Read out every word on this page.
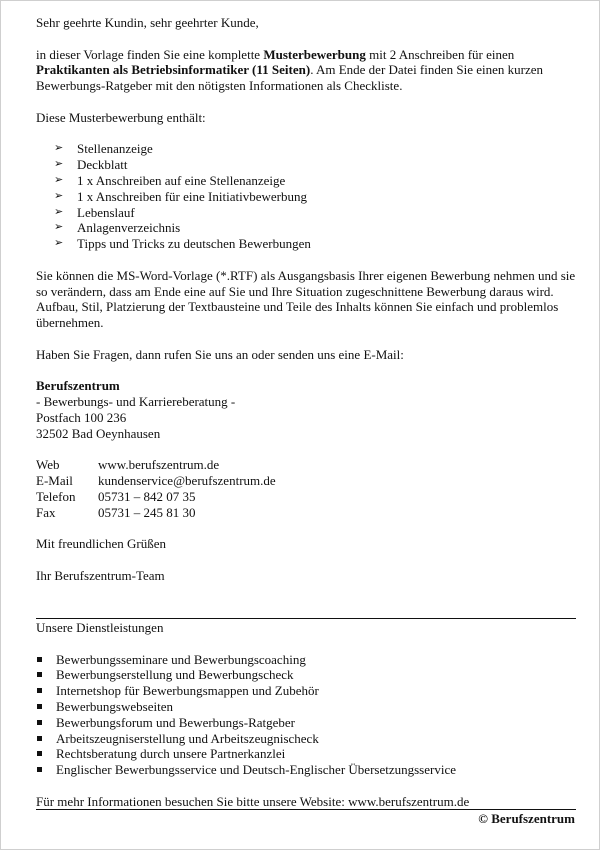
Sehr geehrte Kundin, sehr geehrter Kunde,

in dieser Vorlage finden Sie eine komplette Musterbewerbung mit 2 Anschreiben für einen Praktikanten als Betriebsinformatiker (11 Seiten). Am Ende der Datei finden Sie einen kurzen Bewerbungs-Ratgeber mit den nötigsten Informationen als Checkliste.

Diese Musterbewerbung enthält:

➢ Stellenanzeige
➢ Deckblatt
➢ 1 x Anschreiben auf eine Stellenanzeige
➢ 1 x Anschreiben für eine Initiativbewerbung
➢ Lebenslauf
➢ Anlagenverzeichnis
➢ Tipps und Tricks zu deutschen Bewerbungen

Sie können die MS-Word-Vorlage (*.RTF) als Ausgangsbasis Ihrer eigenen Bewerbung nehmen und sie so verändern, dass am Ende eine auf Sie und Ihre Situation zugeschnittene Bewerbung daraus wird. Aufbau, Stil, Platzierung der Textbausteine und Teile des Inhalts können Sie einfach und problemlos übernehmen.

Haben Sie Fragen, dann rufen Sie uns an oder senden uns eine E-Mail:

Berufszentrum

- Bewerbungs- und Karriereberatung -

Postfach 100 236

32502 Bad Oeynhausen

Web	www.berufszentrum.de
E-Mail	kundenservice@berufszentrum.de
Telefon	05731 – 842 07 35
Fax	05731 – 245 81 30

Mit freundlichen Grüßen

Ihr Berufszentrum-Team

Unsere Dienstleistungen

Bewerbungsseminare und Bewerbungscoaching
Bewerbungserstellung und Bewerbungscheck
Internetshop für Bewerbungsmappen und Zubehör
Bewerbungswebseiten
Bewerbungsforum und Bewerbungs-Ratgeber
Arbeitszeugniserstellung und Arbeitszeugnischeck
Rechtsberatung durch unsere Partnerkanzlei
Englischer Bewerbungsservice und Deutsch-Englischer Übersetzungsservice

Für mehr Informationen besuchen Sie bitte unsere Website: www.berufszentrum.de

© Berufszentrum
